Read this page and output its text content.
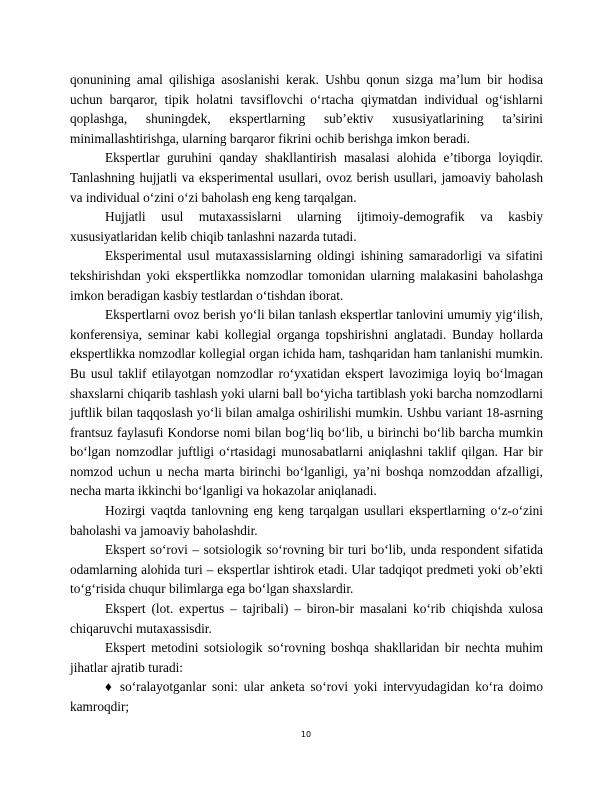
qonunining amal qilishiga asoslanishi kerak. Ushbu qonun sizga ma’lum bir hodisa uchun barqaror, tipik holatni tavsiflovchi o‘rtacha qiymatdan individual og‘ishlarni qoplashga, shuningdek, ekspertlarning sub’ektiv xususiyatlarining ta’sirini minimallashtirishga, ularning barqaror fikrini ochib berishga imkon beradi.

Ekspertlar guruhini qanday shakllantirish masalasi alohida e’tiborga loyiqdir. Tanlashning hujjatli va eksperimental usullari, ovoz berish usullari, jamoaviy baholash va individual o‘zini o‘zi baholash eng keng tarqalgan.

Hujjatli usul mutaxassislarni ularning ijtimoiy-demografik va kasbiy xususiyatlaridan kelib chiqib tanlashni nazarda tutadi.

Eksperimental usul mutaxassislarning oldingi ishining samaradorligi va sifatini tekshirishdan yoki ekspertlikka nomzodlar tomonidan ularning malakasini baholashga imkon beradigan kasbiy testlardan o‘tishdan iborat.

Ekspertlarni ovoz berish yo‘li bilan tanlash ekspertlar tanlovini umumiy yig‘ilish, konferensiya, seminar kabi kollegial organga topshirishni anglatadi. Bunday hollarda ekspertlikka nomzodlar kollegial organ ichida ham, tashqaridan ham tanlanishi mumkin. Bu usul taklif etilayotgan nomzodlar ro‘yxatidan ekspert lavozimiga loyiq bo‘lmagan shaxslarni chiqarib tashlash yoki ularni ball bo‘yicha tartiblash yoki barcha nomzodlarni juftlik bilan taqqoslash yo‘li bilan amalga oshirilishi mumkin. Ushbu variant 18-asrning frantsuz faylasufi Kondorse nomi bilan bog‘liq bo‘lib, u birinchi bo‘lib barcha mumkin bo‘lgan nomzodlar juftligi o‘rtasidagi munosabatlarni aniqlashni taklif qilgan. Har bir nomzod uchun u necha marta birinchi bo‘lganligi, ya’ni boshqa nomzoddan afzalligi, necha marta ikkinchi bo‘lganligi va hokazolar aniqlanadi.

Hozirgi vaqtda tanlovning eng keng tarqalgan usullari ekspertlarning o‘z-o‘zini baholashi va jamoaviy baholashdir.

Ekspert so‘rovi – sotsiologik so‘rovning bir turi bo‘lib, unda respondent sifatida odamlarning alohida turi – ekspertlar ishtirok etadi. Ular tadqiqot predmeti yoki ob’ekti to‘g‘risida chuqur bilimlarga ega bo‘lgan shaxslardir.

Ekspert (lot. expertus – tajribali) – biron-bir masalani ko‘rib chiqishda xulosa chiqaruvchi mutaxassisdir.

Ekspert metodini sotsiologik so‘rovning boshqa shakllaridan bir nechta muhim jihatlar ajratib turadi:

♦ so‘ralayotganlar soni: ular anketa so‘rovi yoki intervyudagidan ko‘ra doimo kamroqdir;

10
